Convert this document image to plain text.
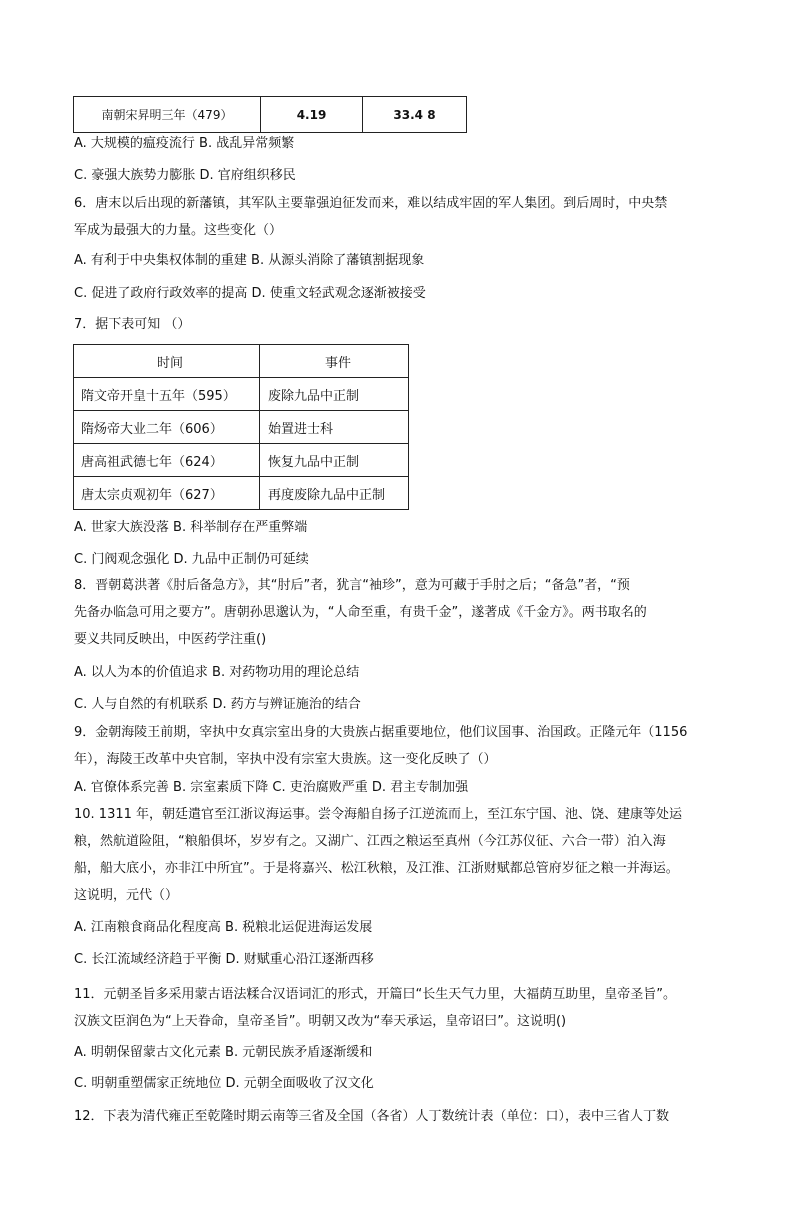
南朝宋昇明三年（479）	4.19	33.4 8
A. 大规模的瘟疫流行 B. 战乱异常频繁
C. 豪强大族势力膨胀 D. 官府组织移民
6．唐末以后出现的新藩镇，其军队主要靠强迫征发而来，难以结成牢固的军人集团。到后周时，中央禁
军成为最强大的力量。这些变化（）
A. 有利于中央集权体制的重建 B. 从源头消除了藩镇割据现象
C. 促进了政府行政效率的提高 D. 使重文轻武观念逐渐被接受
7．据下表可知 （）
时间	事件
隋文帝开皇十五年（595）	废除九品中正制
隋炀帝大业二年（606）	始置进士科
唐高祖武德七年（624）	恢复九品中正制
唐太宗贞观初年（627）	再度废除九品中正制
A. 世家大族没落 B. 科举制存在严重弊端
C. 门阀观念强化 D. 九品中正制仍可延续
8．晋朝葛洪著《肘后备急方》，其“肘后”者，犹言“袖珍”，意为可藏于手肘之后；“备急”者，“预
先备办临急可用之要方”。唐朝孙思邈认为，“人命至重，有贵千金”，遂著成《千金方》。两书取名的
要义共同反映出，中医药学注重()
A. 以人为本的价值追求 B. 对药物功用的理论总结
C. 人与自然的有机联系 D. 药方与辨证施治的结合
9．金朝海陵王前期，宰执中女真宗室出身的大贵族占据重要地位，他们议国事、治国政。正隆元年（1156
年），海陵王改革中央官制，宰执中没有宗室大贵族。这一变化反映了（）
A. 官僚体系完善 B. 宗室素质下降 C. 吏治腐败严重 D. 君主专制加强
10. 1311 年，朝廷遣官至江浙议海运事。尝令海船自扬子江逆流而上，至江东宁国、池、饶、建康等处运
粮，然航道险阻，“粮船俱坏，岁岁有之。又湖广、江西之粮运至真州（今江苏仪征、六合一带）泊入海
船，船大底小，亦非江中所宜”。于是将嘉兴、松江秋粮，及江淮、江浙财赋都总管府岁征之粮一并海运。
这说明，元代（）
A. 江南粮食商品化程度高 B. 税粮北运促进海运发展
C. 长江流域经济趋于平衡 D. 财赋重心沿江逐渐西移
11．元朝圣旨多采用蒙古语法糅合汉语词汇的形式，开篇曰“长生天气力里，大福荫互助里，皇帝圣旨”。
汉族文臣润色为“上天眷命，皇帝圣旨”。明朝又改为“奉天承运，皇帝诏曰”。这说明()
A. 明朝保留蒙古文化元素 B. 元朝民族矛盾逐渐缓和
C. 明朝重塑儒家正统地位 D. 元朝全面吸收了汉文化
12．下表为清代雍正至乾隆时期云南等三省及全国（各省）人丁数统计表（单位：口），表中三省人丁数
